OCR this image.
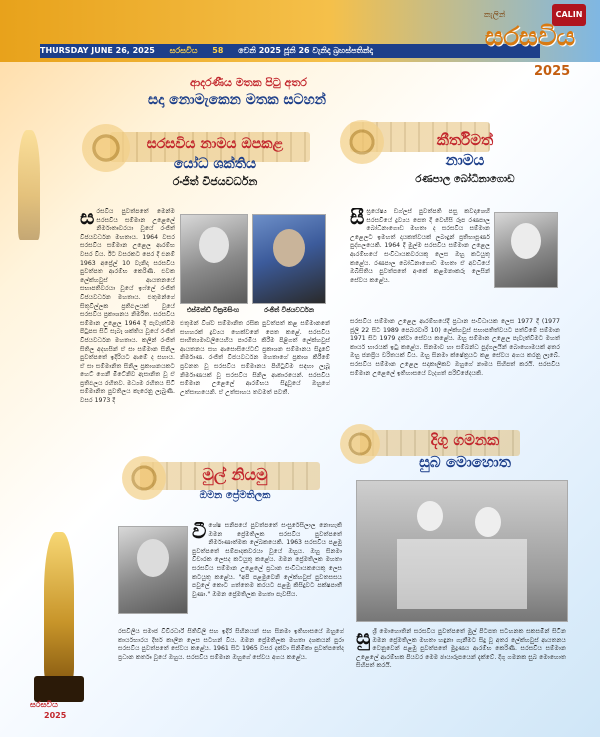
THURSDAY JUNE 26, 2025 සරසවිය 58 වෙනි 2025 ජූනි 26 වැනිදා බ්‍රහස්පතින්දා
කැලින්	CALIN
සරසවිය
2025
ආදරණීය මතක පිටු අතර
සදා නොමැකෙන මතක සටහන්
සරසවිය නාමය ඔපකළ
යෝධ ශක්තිය
රංජිත් විජයවර්ධන
ස රසවිය පුවත්පතේ මෙන්ම සරසවිය සම්මාන උළෙලේ නිර්මාතෘවරයා වූයේ රංජිත් විජයවර්ධන මහතාය. 1964 වසර සරසවිය සම්මාන උළෙල ආරම්භ වසර විය. ඊට වසරකට පෙර දී එනම් 1963 අප්‍රේල් 10 වැනිදා සරසවිය පුවත්පත ආරම්භ කෙරිණි. එවක ලේක්හවුස් ආයතනයේ සභාපතිවරයා වූයේ ඉෆ්ලේ රංජිත් විජයවර්ධන මහතාය. එතුමන්ගේ සිතුවිල්ලක ප්‍රතිඵලයක් වූයේ සරසවිය ප්‍රකාශනය නිර්මිත. සරසවිය සම්මාන උළෙල 1964 දී පැවැත්වීම පිටුපස සිටි සැබෑ ශක්තිය වූයේ රංජිත් විජයවර්ධන මහතාය. කලින් රංජිත් සිතිල අදහසින් ඒ සා සම්මාන සිනිල පුවත්පතේ ඉදිරියට ආමේ ද සහාය. ඒ සා සම්මානිත සිනිල ප්‍රකාශනයකට හෙට් ගෙනී මිටේනිව ඇසානිත වූ ඒ ප්‍රතිඵලය රහිතව. මධ්‍යම රහිතය සිටි සම්මානිත පුවතිලය කැරෙනු ලැබුණි. වසර 1973 දී
එස්මන්ඩ් වික්‍රමසිංහ	රංජිත් විජයවර්ධන
එතුමන් විශ්ව සම්මානිත රසික පුවත්පත් කළ සම්මානනේ සහහරක් ද්‍රව්‍යය හෙක්වනේ පෙත කළේ. සරසවිය සාහිත්‍යමාවලියෙහිය පාරමිය කිරීම පිළිගත් ලේක්හවුස් ආයතනය සහ ආසොසියේටඩ් ප්‍රකාශන සම්මානය සිදුවේ නිර්මාණ. රංජිත් විජයවර්ධන මහතාගේ ප්‍රකාශ කිරීමේ ප්‍රවනත වූ සරසවිය සම්මානය පිහිටුවීම සඳහා ලැබූ නිර්මාණයක් වූ සරසවිය සිනිල ආකාරයෙන්. සරසවිය සම්මාන උළෙලේ ආරම්භය සිදුවූයේ ඔහුගේ උත්සාහයෙනි. ඒ උත්සාහය තවමත් පවතී.
කීර්තිමත්
නාමය
රණපාල බෝධිනාගොඩ
සී ඝ්‍රයේෂ්‍ය ඩග්ලස් පුවත්පති පසු කවදාශෙහි සරසවියේ ද්‍රව්‍යය පෙත දී වෙහිසි රූප රණපාල බෝධිනාගොඩ මහතා ද සරසවිය සම්මාන උළෙලට ඉමහත් දායකත්වයක් ලබාදුන් ප්‍රතිභාපූර්ණ පුද්ගලයෙකි. 1964 දී මුල්ම සරසවිය සම්මාන උළෙල ආරම්භයේ සංවිධායකවරයකු ලෙස ඔහු කටයුතු කළේය. රණපාල බෝධිනාගොඩ මහතා ඒ අවධියේ ඔබිසිතිය පුවත්පතේ අංකේ කළමනාකරු ලෙසින් සේවය කළේය.
සරසවිය සම්මාන උළෙල ආරම්භයේදී ප්‍රධාන සංවිධායක ලෙස 1977 දී (1977 ජූලි 22 සිට 1989 පෙබරවාරි 10) ලේක්හවුස් සභාපතිත්වයට පත්වීමේ සම්මාන 1971 සිට 1979 දක්වා සේවය කළේය. ඔහු සම්මාන උළෙල පැවැත්වීමට මහත් කාර්ය භාරයක් ඉටු කළේය. සිනමාව හා සම්බන්ධ පුද්ගලයින් බොහොමයක් අතර ඔහු ජනප්‍රිය චරිතයක් විය. ඔහු සිනමා ක්ෂේත්‍රයට කළ සේවය අගය කරනු ලැබේ. සරසවිය සම්මාන උළෙල සදාකාලිකව ඔහුගේ නාමය සිහිපත් කරයි. සරසවිය සම්මාන උළෙලේ ඉතිහාසයේ වැදගත් පරිච්ඡේදයකි.
මුල් නියමු
ඔමන ප්‍රේමතිලක
වී ශේෂ සනිපයේ පුවත්පතේ සංසුරේසිලාල නොහැකි ඔමන ප්‍රේමතිලක සරසවිය පුවත්පතේ නිර්මාණාත්මක ලේඛකයෙකි. 1963 සරසවිය පළමු පුවත්පතේ සම්පාදකවරයා වූයේ ඔහුය. ඔහු සිනමා විචාරක ලෙසද කටයුතු කළේය. ඔමන ප්‍රේමතිලක මහතා සරසවිය සම්මාන උළෙලේ ප්‍රධාන සංවිධායකයෙකු ලෙස කටයුතු කළේය. "අපි පළමුවෙනි ලේක්හවුස් පුවතසසය පවුලේ කොට ගත්තෙම කරයට පළමු කිසිදුවට පක්ෂපාතී වුණා." ඔමන ප්‍රේමතිලක මහතා පැවසීය.
රසවිලිය සමාජ විචිරධාරී සිතිවිලි සහ ඉදිරි සිහිනයන් සහ සිනමා ඉතිහාසයේ ඔහුගේ කාර්යභාරය දීර්ඝ කාලීන ලෙස සටහන් විය. ඔමන ප්‍රේමතිලක මහතා දශකයන් පුරා සරසවිය පුවත්පතේ සේවය කළේය. 1961 සිට 1965 වසර දක්වා සිනිමිකා පුවත්පතේද ප්‍රධාන කර්තෘ වූයේ ඔහුය. සරසවිය සම්මාන ඔහුගේ සේවය අගය කළේය.
සරසවිය
2025
දිගු ගමනක
සුබ මොහොත
සු ශ්‍රී මොහොතින් සරසවිය පුවත්පතේ මුල් පිටපත සටහනක සකසමින් සිටින ඔමන ප්‍රේමතිලක මහතා හඳුනා ගැනීමට සිදු වූ අතර ලේක්හවුස් ආයතනය වෙනුවෙන් පළමු පුවත්පතේ මුද්‍රණය ආරම්භ කෙරිණි. සරසවිය සම්මාන උළෙලේ ආරම්භක පියවර මෙම ඡායාරූපයෙන් දැක්වේ. දිගු ගමනක සුබ මොහොත සිහිපත් කරයි.
